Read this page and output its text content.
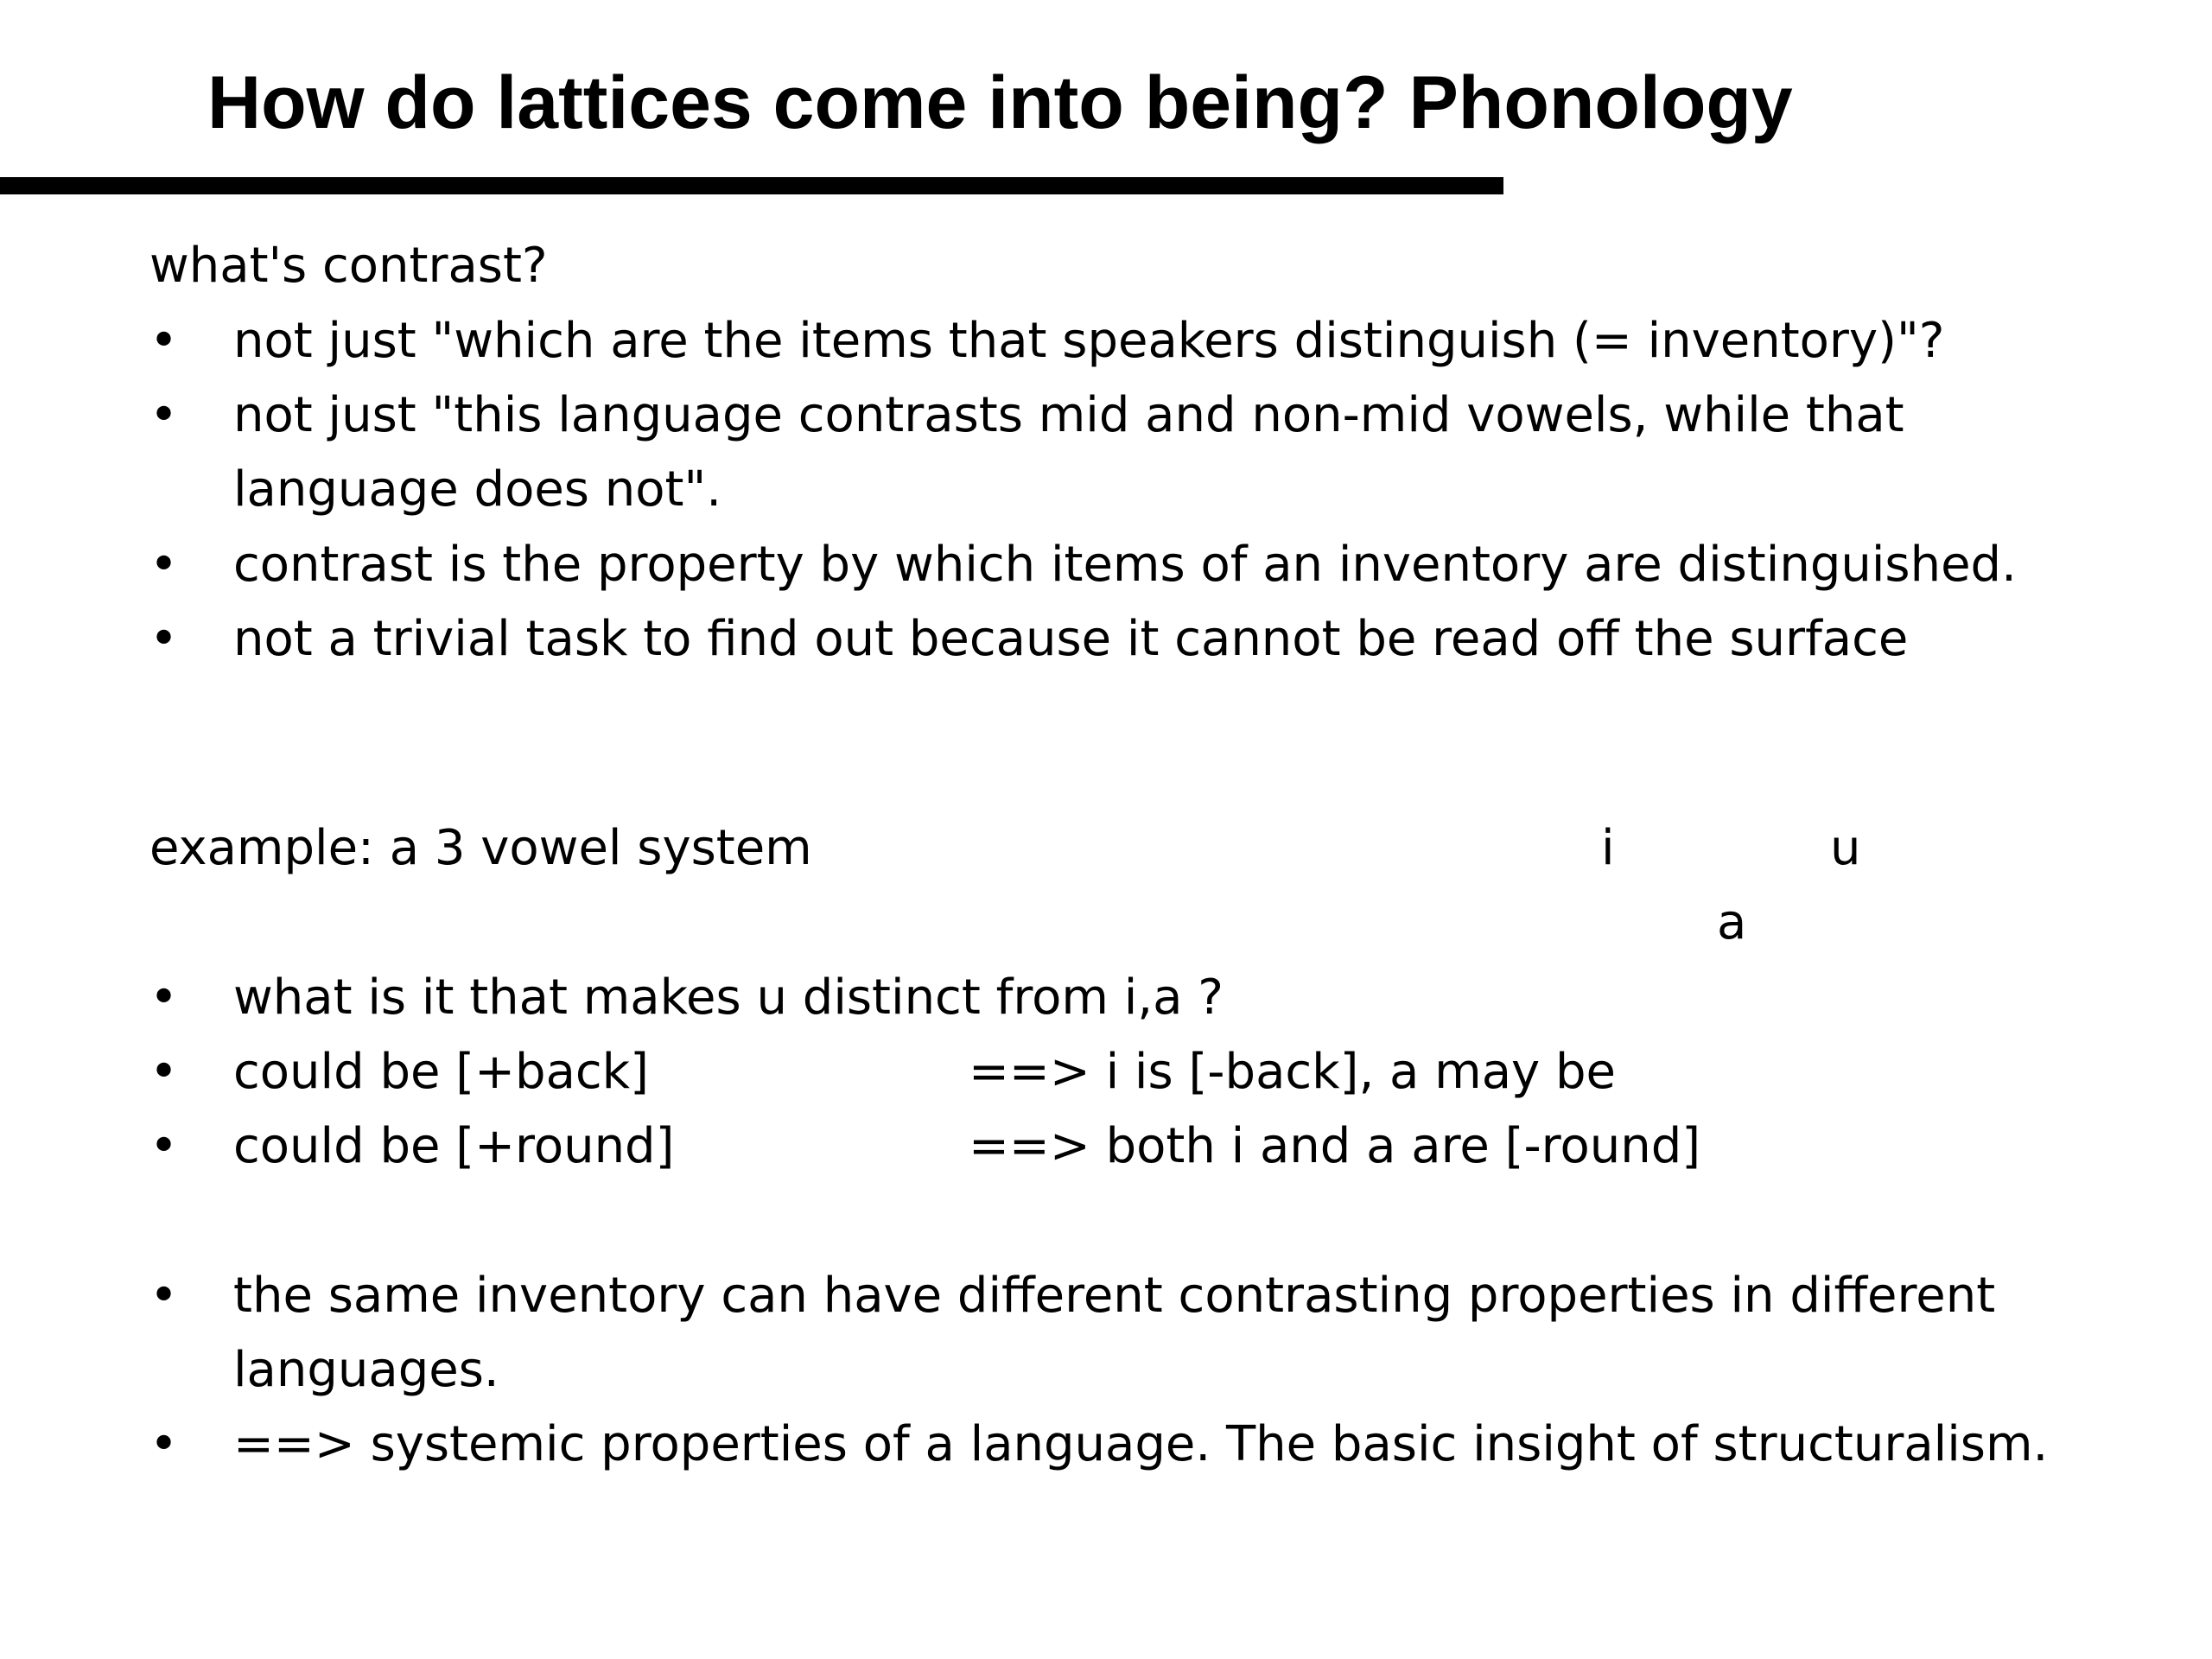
How do lattices come into being? Phonology
what's contrast?
• not just "which are the items that speakers distinguish (= inventory)"?
• not just "this language contrasts mid and non-mid vowels, while that
language does not".
• contrast is the property by which items of an inventory are distinguished.
• not a trivial task to find out because it cannot be read off the surface
example: a 3 vowel system	i	u
a
• what is it that makes u distinct from i,a ?
• could be [+back]	==> i is [-back], a may be
• could be [+round]	==> both i and a are [-round]
• the same inventory can have different contrasting properties in different
languages.
• ==> systemic properties of a language. The basic insight of structuralism.
